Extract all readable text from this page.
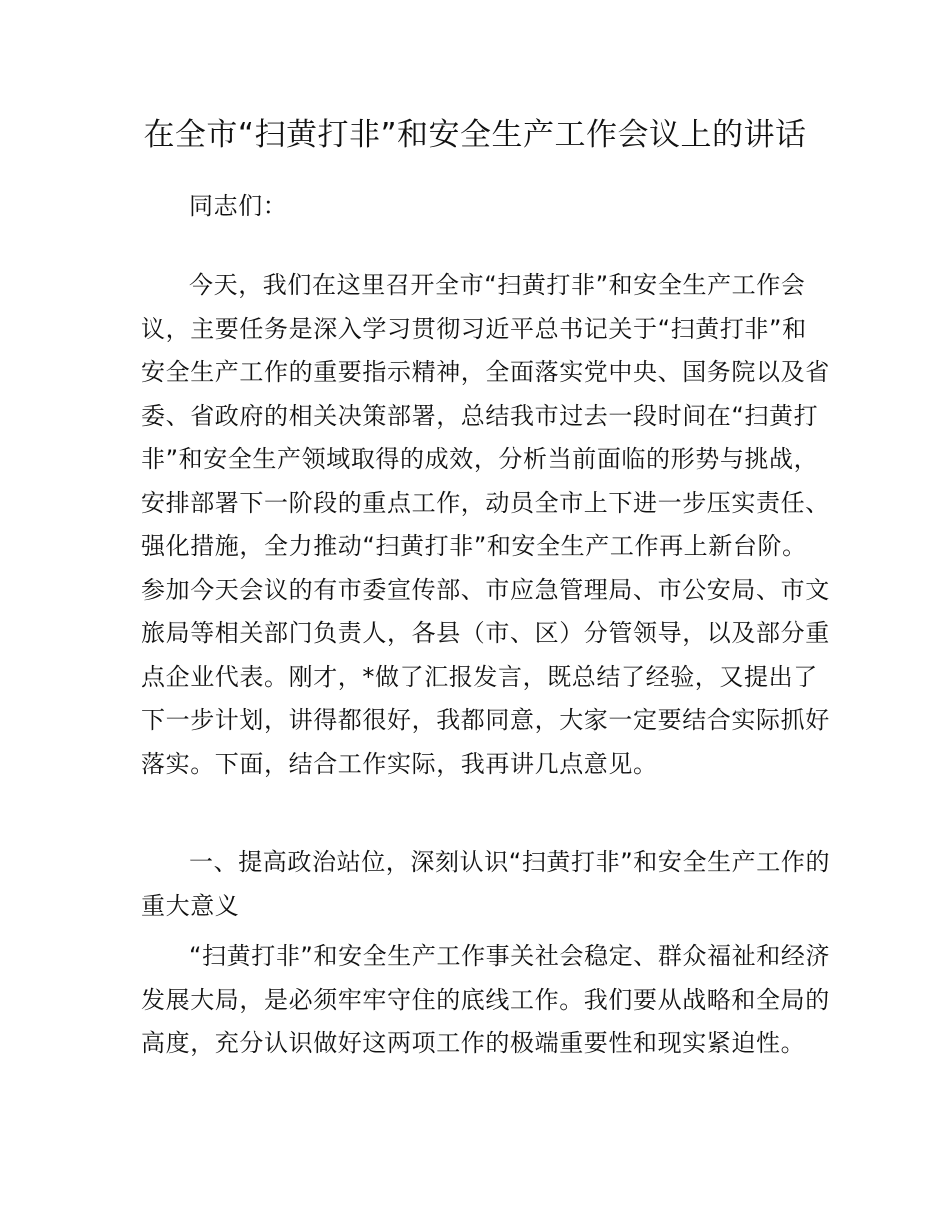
在全市“扫黄打非”和安全生产工作会议上的讲话

同志们：

今天，我们在这里召开全市“扫黄打非”和安全生产工作会议，主要任务是深入学习贯彻习近平总书记关于“扫黄打非”和安全生产工作的重要指示精神，全面落实党中央、国务院以及省委、省政府的相关决策部署，总结我市过去一段时间在“扫黄打非”和安全生产领域取得的成效，分析当前面临的形势与挑战，安排部署下一阶段的重点工作，动员全市上下进一步压实责任、强化措施，全力推动“扫黄打非”和安全生产工作再上新台阶。参加今天会议的有市委宣传部、市应急管理局、市公安局、市文旅局等相关部门负责人，各县（市、区）分管领导，以及部分重点企业代表。刚才，*做了汇报发言，既总结了经验，又提出了下一步计划，讲得都很好，我都同意，大家一定要结合实际抓好落实。下面，结合工作实际，我再讲几点意见。

一、提高政治站位，深刻认识“扫黄打非”和安全生产工作的重大意义

“扫黄打非”和安全生产工作事关社会稳定、群众福祉和经济发展大局，是必须牢牢守住的底线工作。我们要从战略和全局的高度，充分认识做好这两项工作的极端重要性和现实紧迫性。
